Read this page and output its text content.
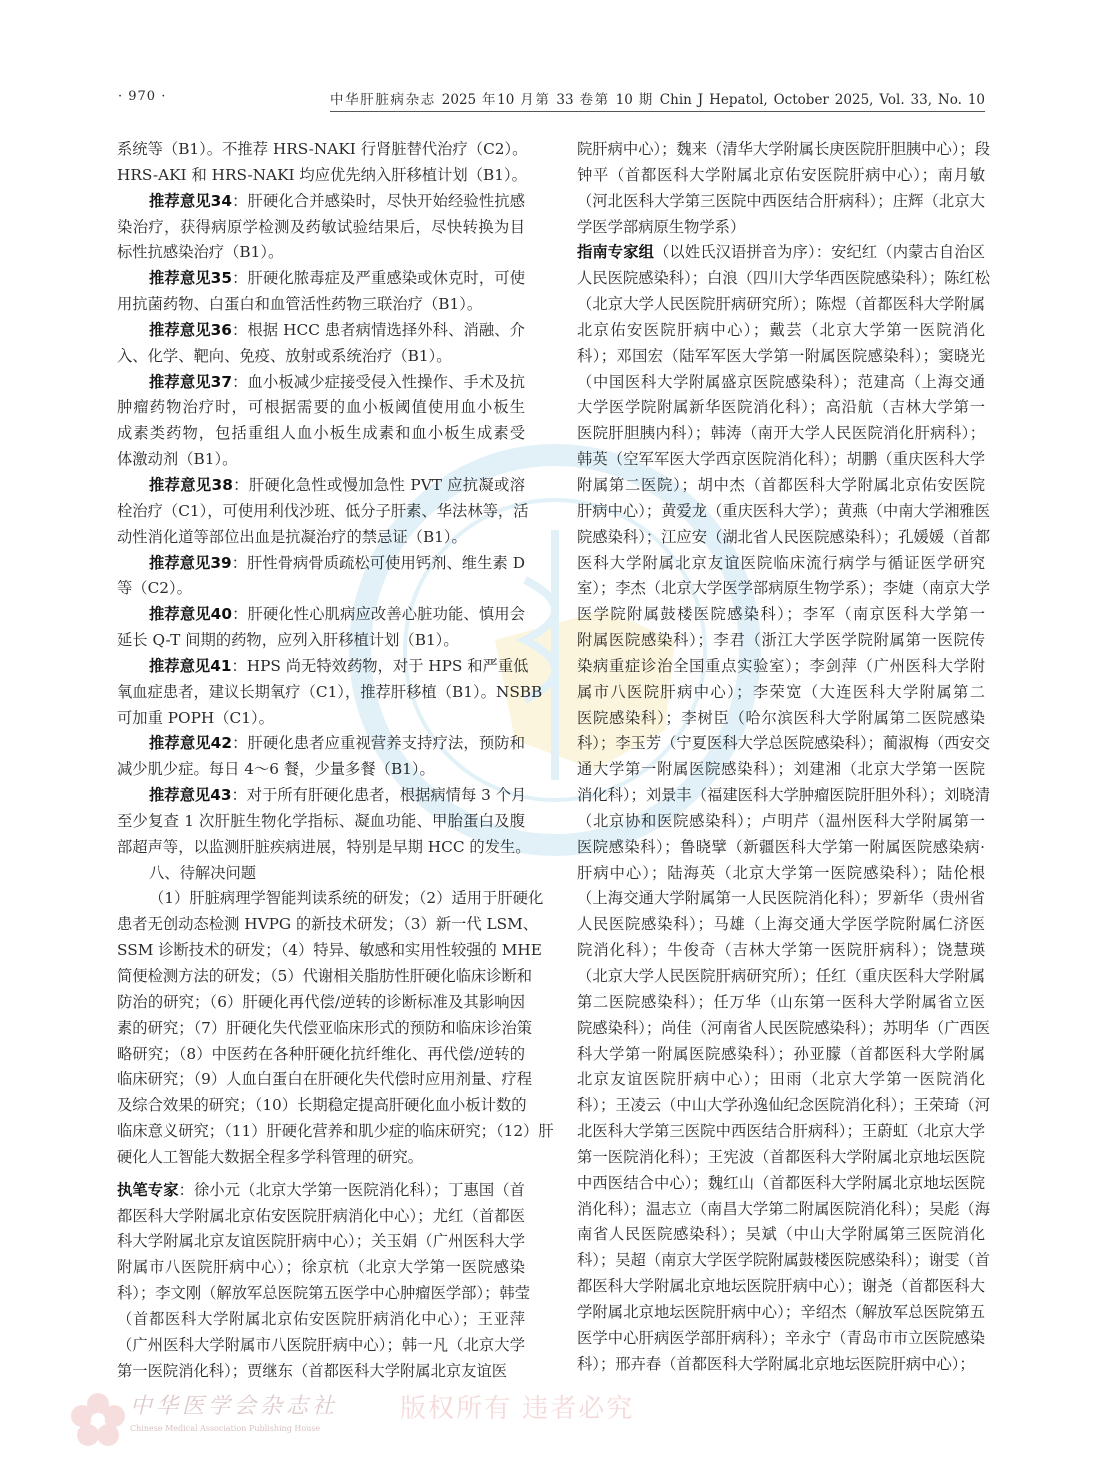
· 970 ·	中华肝脏病杂志 2025 年10 月第 33 卷第 10 期 Chin J Hepatol, October 2025, Vol. 33, No. 10
系统等（B1）。不推荐 HRS-NAKI 行肾脏替代治疗（C2）。
HRS-AKI 和 HRS-NAKI 均应优先纳入肝移植计划（B1）。
推荐意见34：肝硬化合并感染时，尽快开始经验性抗感
染治疗，获得病原学检测及药敏试验结果后，尽快转换为目
标性抗感染治疗（B1）。
推荐意见35：肝硬化脓毒症及严重感染或休克时，可使
用抗菌药物、白蛋白和血管活性药物三联治疗（B1）。
推荐意见36：根据 HCC 患者病情选择外科、消融、介
入、化学、靶向、免疫、放射或系统治疗（B1）。
推荐意见37：血小板减少症接受侵入性操作、手术及抗
肿瘤药物治疗时，可根据需要的血小板阈值使用血小板生
成素类药物，包括重组人血小板生成素和血小板生成素受
体激动剂（B1）。
推荐意见38：肝硬化急性或慢加急性 PVT 应抗凝或溶
栓治疗（C1），可使用利伐沙班、低分子肝素、华法林等，活
动性消化道等部位出血是抗凝治疗的禁忌证（B1）。
推荐意见39：肝性骨病骨质疏松可使用钙剂、维生素 D
等（C2）。
推荐意见40：肝硬化性心肌病应改善心脏功能、慎用会
延长 Q-T 间期的药物，应列入肝移植计划（B1）。
推荐意见41：HPS 尚无特效药物，对于 HPS 和严重低
氧血症患者，建议长期氧疗（C1），推荐肝移植（B1）。NSBB
可加重 POPH（C1）。
推荐意见42：肝硬化患者应重视营养支持疗法，预防和
减少肌少症。每日 4～6 餐，少量多餐（B1）。
推荐意见43：对于所有肝硬化患者，根据病情每 3 个月
至少复查 1 次肝脏生物化学指标、凝血功能、甲胎蛋白及腹
部超声等，以监测肝脏疾病进展，特别是早期 HCC 的发生。
八、待解决问题
（1）肝脏病理学智能判读系统的研发；（2）适用于肝硬化
患者无创动态检测 HVPG 的新技术研发；（3）新一代 LSM、
SSM 诊断技术的研发；（4）特异、敏感和实用性较强的 MHE
简便检测方法的研发；（5）代谢相关脂肪性肝硬化临床诊断和
防治的研究；（6）肝硬化再代偿/逆转的诊断标准及其影响因
素的研究；（7）肝硬化失代偿亚临床形式的预防和临床诊治策
略研究；（8）中医药在各种肝硬化抗纤维化、再代偿/逆转的
临床研究；（9）人血白蛋白在肝硬化失代偿时应用剂量、疗程
及综合效果的研究；（10）长期稳定提高肝硬化血小板计数的
临床意义研究；（11）肝硬化营养和肌少症的临床研究；（12）肝
硬化人工智能大数据全程多学科管理的研究。
执笔专家：徐小元（北京大学第一医院消化科）；丁惠国（首
都医科大学附属北京佑安医院肝病消化中心）；尤红（首都医
科大学附属北京友谊医院肝病中心）；关玉娟（广州医科大学
附属市八医院肝病中心）；徐京杭（北京大学第一医院感染
科）；李文刚（解放军总医院第五医学中心肿瘤医学部）；韩莹
（首都医科大学附属北京佑安医院肝病消化中心）；王亚萍
（广州医科大学附属市八医院肝病中心）；韩一凡（北京大学
第一医院消化科）；贾继东（首都医科大学附属北京友谊医
院肝病中心）；魏来（清华大学附属长庚医院肝胆胰中心）；段
钟平（首都医科大学附属北京佑安医院肝病中心）；南月敏
（河北医科大学第三医院中西医结合肝病科）；庄辉（北京大
学医学部病原生物学系）
指南专家组（以姓氏汉语拼音为序）：安纪红（内蒙古自治区
人民医院感染科）；白浪（四川大学华西医院感染科）；陈红松
（北京大学人民医院肝病研究所）；陈煜（首都医科大学附属
北京佑安医院肝病中心）；戴芸（北京大学第一医院消化
科）；邓国宏（陆军军医大学第一附属医院感染科）；窦晓光
（中国医科大学附属盛京医院感染科）；范建高（上海交通
大学医学院附属新华医院消化科）；高沿航（吉林大学第一
医院肝胆胰内科）；韩涛（南开大学人民医院消化肝病科）；
韩英（空军军医大学西京医院消化科）；胡鹏（重庆医科大学
附属第二医院）；胡中杰（首都医科大学附属北京佑安医院
肝病中心）；黄爱龙（重庆医科大学）；黄燕（中南大学湘雅医
院感染科）；江应安（湖北省人民医院感染科）；孔媛媛（首都
医科大学附属北京友谊医院临床流行病学与循证医学研究
室）；李杰（北京大学医学部病原生物学系）；李婕（南京大学
医学院附属鼓楼医院感染科）；李军（南京医科大学第一
附属医院感染科）；李君（浙江大学医学院附属第一医院传
染病重症诊治全国重点实验室）；李剑萍（广州医科大学附
属市八医院肝病中心）；李荣宽（大连医科大学附属第二
医院感染科）；李树臣（哈尔滨医科大学附属第二医院感染
科）；李玉芳（宁夏医科大学总医院感染科）；蔺淑梅（西安交
通大学第一附属医院感染科）；刘建湘（北京大学第一医院
消化科）；刘景丰（福建医科大学肿瘤医院肝胆外科）；刘晓清
（北京协和医院感染科）；卢明芹（温州医科大学附属第一
医院感染科）；鲁晓擘（新疆医科大学第一附属医院感染病·
肝病中心）；陆海英（北京大学第一医院感染科）；陆伦根
（上海交通大学附属第一人民医院消化科）；罗新华（贵州省
人民医院感染科）；马雄（上海交通大学医学院附属仁济医
院消化科）；牛俊奇（吉林大学第一医院肝病科）；饶慧瑛
（北京大学人民医院肝病研究所）；任红（重庆医科大学附属
第二医院感染科）；任万华（山东第一医科大学附属省立医
院感染科）；尚佳（河南省人民医院感染科）；苏明华（广西医
科大学第一附属医院感染科）；孙亚朦（首都医科大学附属
北京友谊医院肝病中心）；田雨（北京大学第一医院消化
科）；王凌云（中山大学孙逸仙纪念医院消化科）；王荣琦（河
北医科大学第三医院中西医结合肝病科）；王蔚虹（北京大学
第一医院消化科）；王宪波（首都医科大学附属北京地坛医院
中西医结合中心）；魏红山（首都医科大学附属北京地坛医院
消化科）；温志立（南昌大学第二附属医院消化科）；吴彪（海
南省人民医院感染科）；吴斌（中山大学附属第三医院消化
科）；吴超（南京大学医学院附属鼓楼医院感染科）；谢雯（首
都医科大学附属北京地坛医院肝病中心）；谢尧（首都医科大
学附属北京地坛医院肝病中心）；辛绍杰（解放军总医院第五
医学中心肝病医学部肝病科）；辛永宁（青岛市市立医院感染
科）；邢卉春（首都医科大学附属北京地坛医院肝病中心）；
中华医学会杂志社
Chinese Medical Association Publishing House
版权所有 违者必究
